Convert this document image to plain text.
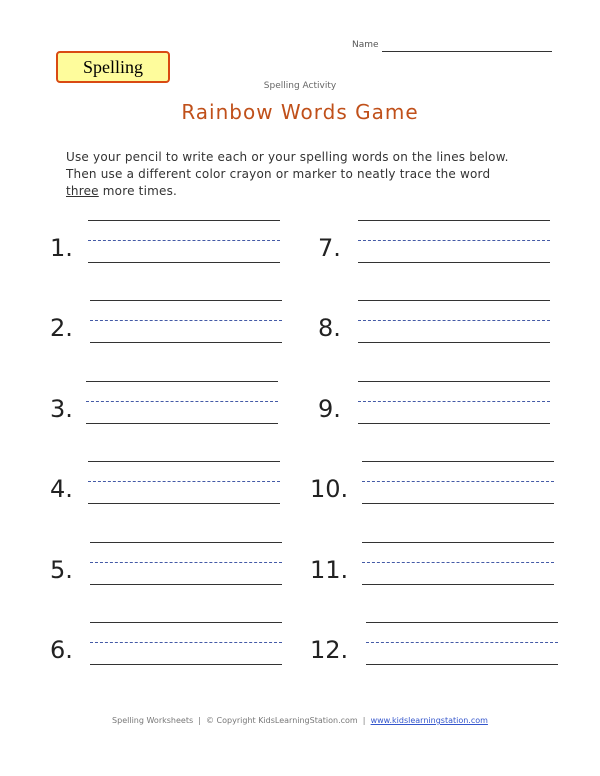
Name
Spelling
Spelling Activity
Rainbow Words Game

Use your pencil to write each or your spelling words on the lines below.

Then use a different color crayon or marker to neatly trace the word

three more times.

1.
2.
3.
4.
5.
6.
7.
8.
9.
10.
11.
12.
Spelling Worksheets  |  © Copyright KidsLearningStation.com  |  www.kidslearningstation.com
